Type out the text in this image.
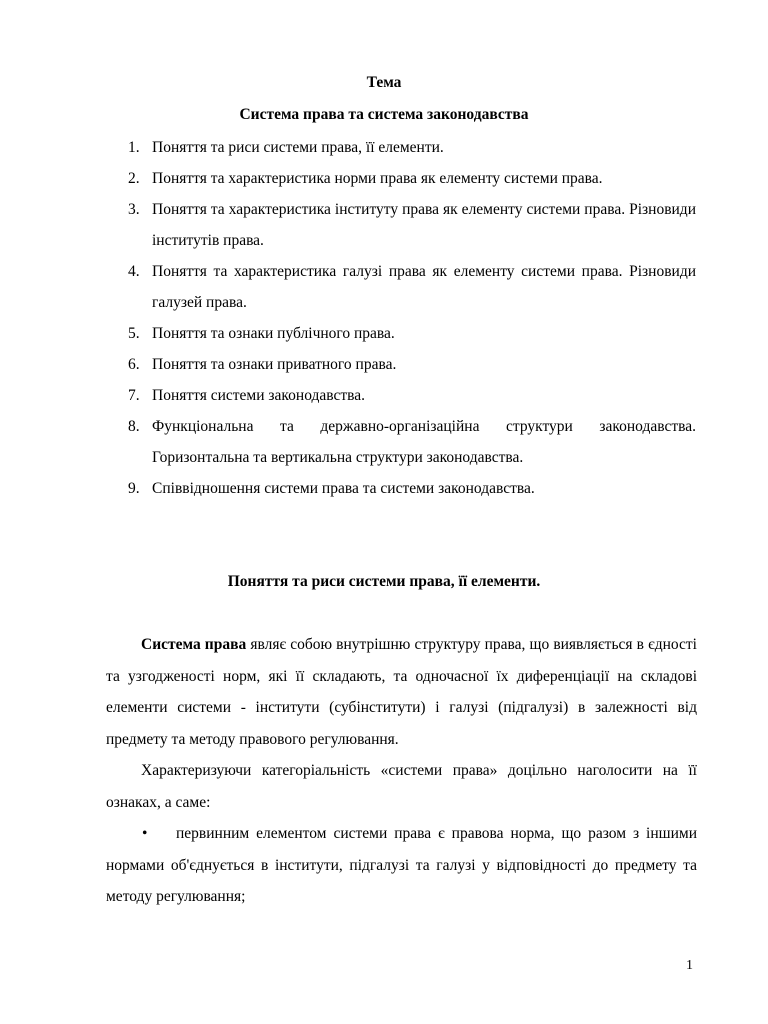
Тема
Система права та система законодавства
1. Поняття та риси системи права, її елементи.
2. Поняття та характеристика норми права як елементу системи права.
3. Поняття та характеристика інституту права як елементу системи права. Різновиди інститутів права.
4. Поняття та характеристика галузі права як елементу системи права. Різновиди галузей права.
5. Поняття та ознаки публічного права.
6. Поняття та ознаки приватного права.
7. Поняття системи законодавства.
8. Функціональна та державно-організаційна структури законодавства. Горизонтальна та вертикальна структури законодавства.
9. Співвідношення системи права та системи законодавства.
Поняття та риси системи права, її елементи.

Система права являє собою внутрішню структуру права, що виявляється в єдності та узгодженості норм, які її складають, та одночасної їх диференціації на складові елементи системи - інститути (субінститути) і галузі (підгалузі) в залежності від предмету та методу правового регулювання.

Характеризуючи категоріальність «системи права» доцільно наголосити на її ознаках, а саме:

• первинним елементом системи права є правова норма, що разом з іншими нормами об'єднується в інститути, підгалузі та галузі у відповідності до предмету та методу регулювання;

1
